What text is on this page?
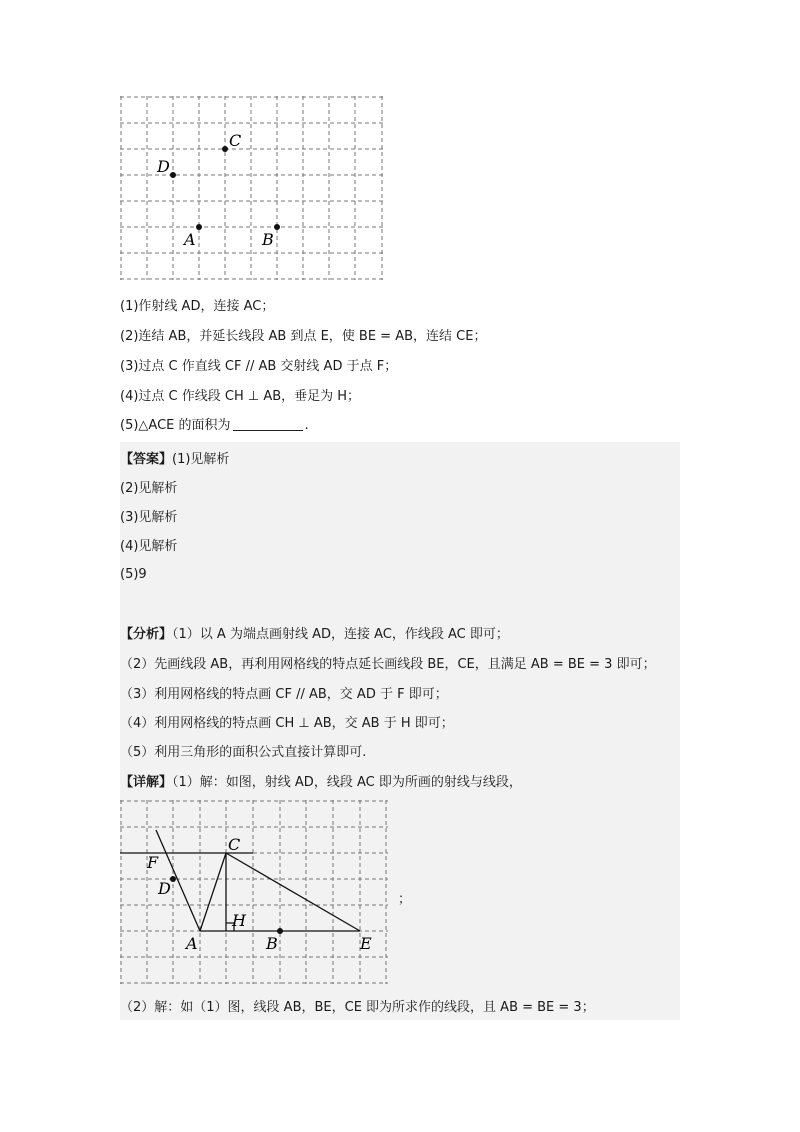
C
D
A	B
(1)作射线 AD，连接 AC；
(2)连结 AB，并延长线段 AB 到点 E，使 BE = AB，连结 CE；
(3)过点 C 作直线 CF // AB 交射线 AD 于点 F；
(4)过点 C 作线段 CH ⊥ AB，垂足为 H；
(5)△ACE 的面积为	.
【答案】(1)见解析
(2)见解析
(3)见解析
(4)见解析
(5)9
【分析】（1）以 A 为端点画射线 AD，连接 AC，作线段 AC 即可；
（2）先画线段 AB，再利用网格线的特点延长画线段 BE，CE，且满足 AB = BE = 3 即可；
（3）利用网格线的特点画 CF // AB，交 AD 于 F 即可；
（4）利用网格线的特点画 CH ⊥ AB，交 AB 于 H 即可；
（5）利用三角形的面积公式直接计算即可.
【详解】（1）解：如图，射线 AD，线段 AC 即为所画的射线与线段，
C
F
D
H
A	B	E
；
（2）解：如（1）图，线段 AB，BE，CE 即为所求作的线段，且 AB = BE = 3；
